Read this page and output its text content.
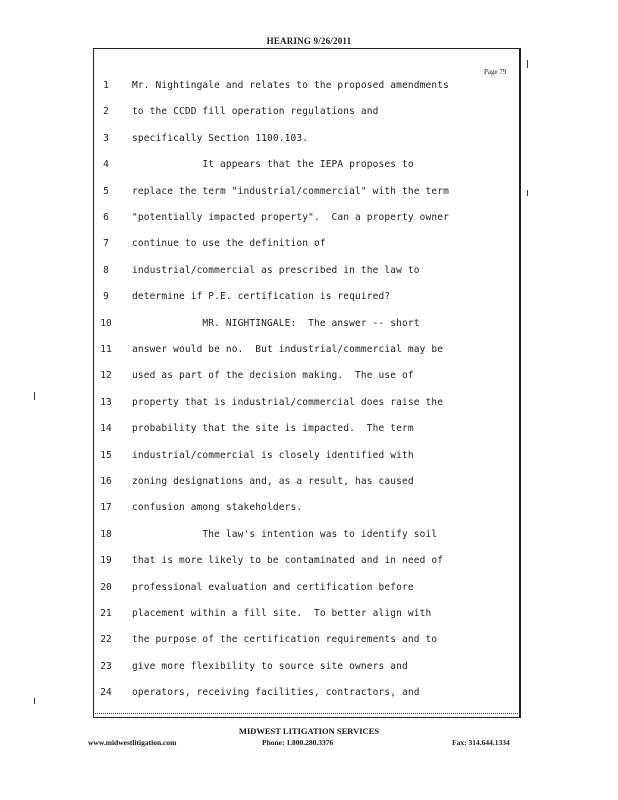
HEARING 9/26/2011
Page 79
1	Mr. Nightingale and relates to the proposed amendments
2	to the CCDD fill operation regulations and
3	specifically Section 1100.103.
4	It appears that the IEPA proposes to
5	replace the term "industrial/commercial" with the term
6	"potentially impacted property".  Can a property owner
7	continue to use the definition of
8	industrial/commercial as prescribed in the law to
9	determine if P.E. certification is required?
10	MR. NIGHTINGALE:  The answer -- short
11	answer would be no.  But industrial/commercial may be
12	used as part of the decision making.  The use of
13	property that is industrial/commercial does raise the
14	probability that the site is impacted.  The term
15	industrial/commercial is closely identified with
16	zoning designations and, as a result, has caused
17	confusion among stakeholders.
18	The law's intention was to identify soil
19	that is more likely to be contaminated and in need of
20	professional evaluation and certification before
21	placement within a fill site.  To better align with
22	the purpose of the certification requirements and to
23	give more flexibility to source site owners and
24	operators, receiving facilities, contractors, and
MIDWEST LITIGATION SERVICES
www.midwestlitigation.com	Phone: 1.800.280.3376	Fax: 314.644.1334
